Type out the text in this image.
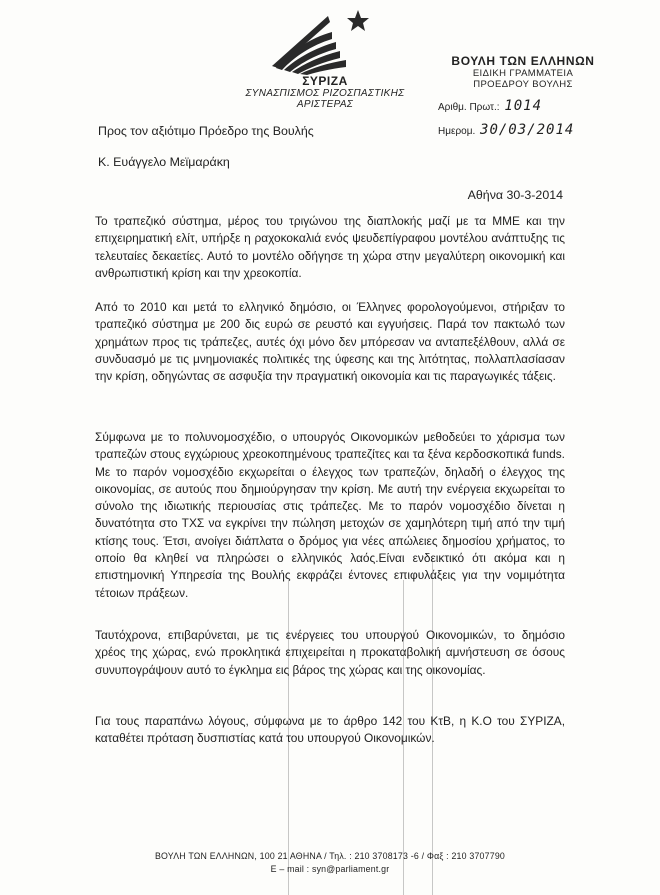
ΣΥΡΙΖΑ
ΣΥΝΑΣΠΙΣΜΟΣ ΡΙΖΟΣΠΑΣΤΙΚΗΣ ΑΡΙΣΤΕΡΑΣ
ΒΟΥΛΗ ΤΩΝ ΕΛΛΗΝΩΝ
ΕΙΔΙΚΗ ΓΡΑΜΜΑΤΕΙΑ
ΠΡΟΕΔΡΟΥ ΒΟΥΛΗΣ
Αριθμ. Πρωτ.: 1014
Ημερομ. 30/03/2014
Προς τον αξιότιμο Πρόεδρο της Βουλής
Κ. Ευάγγελο Μεϊμαράκη
Αθήνα 30-3-2014
Το τραπεζικό σύστημα, μέρος του τριγώνου της διαπλοκής μαζί με τα ΜΜΕ και την επιχειρηματική ελίτ, υπήρξε η ραχοκοκαλιά ενός ψευδεπίγραφου μοντέλου ανάπτυξης τις τελευταίες δεκαετίες. Αυτό το μοντέλο οδήγησε τη χώρα στην μεγαλύτερη οικονομική και ανθρωπιστική κρίση και την χρεοκοπία.
Από το 2010 και μετά το ελληνικό δημόσιο, οι Έλληνες φορολογούμενοι, στήριξαν το τραπεζικό σύστημα με 200 δις ευρώ σε ρευστό και εγγυήσεις. Παρά τον πακτωλό των χρημάτων προς τις τράπεζες, αυτές όχι μόνο δεν μπόρεσαν να ανταπεξέλθουν, αλλά σε συνδυασμό με τις μνημονιακές πολιτικές της ύφεσης και της λιτότητας, πολλαπλασίασαν την κρίση, οδηγώντας σε ασφυξία την πραγματική οικονομία και τις παραγωγικές τάξεις.
Σύμφωνα με το πολυνομοσχέδιο, ο υπουργός Οικονομικών μεθοδεύει το χάρισμα των τραπεζών στους εγχώριους χρεοκοπημένους τραπεζίτες και τα ξένα κερδοσκοπικά funds. Με το παρόν νομοσχέδιο εκχωρείται ο έλεγχος των τραπεζών, δηλαδή ο έλεγχος της οικονομίας, σε αυτούς που δημιούργησαν την κρίση. Με αυτή την ενέργεια εκχωρείται το σύνολο της ιδιωτικής περιουσίας στις τράπεζες. Με το παρόν νομοσχέδιο δίνεται η δυνατότητα στο ΤΧΣ να εγκρίνει την πώληση μετοχών σε χαμηλότερη τιμή από την τιμή κτίσης τους. Έτσι, ανοίγει διάπλατα ο δρόμος για νέες απώλειες δημοσίου χρήματος, το οποίο θα κληθεί να πληρώσει ο ελληνικός λαός.Είναι ενδεικτικό ότι ακόμα και η επιστημονική Υπηρεσία της Βουλής εκφράζει έντονες επιφυλάξεις για την νομιμότητα τέτοιων πράξεων.
Ταυτόχρονα, επιβαρύνεται, με τις ενέργειες του υπουργού Οικονομικών, το δημόσιο χρέος της χώρας, ενώ προκλητικά επιχειρείται η προκαταβολική αμνήστευση σε όσους συνυπογράψουν αυτό το έγκλημα εις βάρος της χώρας και της οικονομίας.
Για τους παραπάνω λόγους, σύμφωνα με το άρθρο 142 του ΚτΒ, η Κ.Ο του ΣΥΡΙΖΑ, καταθέτει πρόταση δυσπιστίας κατά του υπουργού Οικονομικών.
ΒΟΥΛΗ ΤΩΝ ΕΛΛΗΝΩΝ, 100 21 ΑΘΗΝΑ / Τηλ. : 210 3708173 -6 / Φαξ : 210 3707790
E – mail : syn@parliament.gr
